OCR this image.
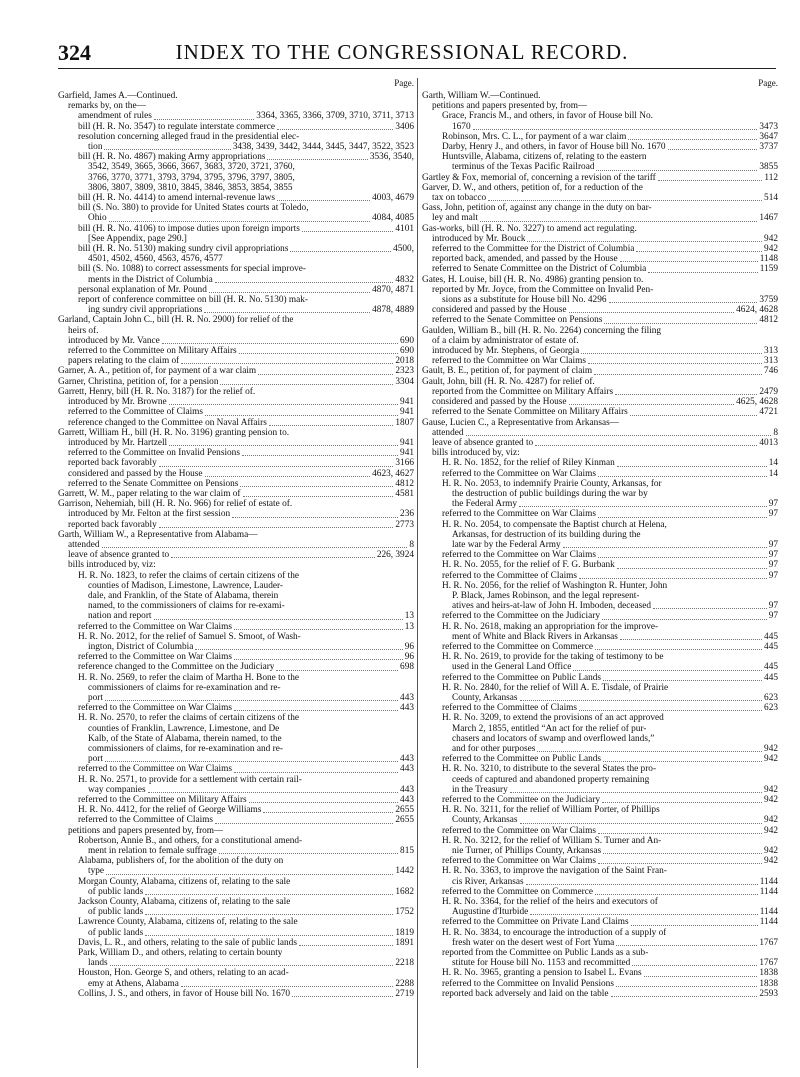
324	INDEX TO THE CONGRESSIONAL RECORD.
Page.
Garfield, James A.—Continued.
remarks by, on the—
amendment of rules	3364, 3365, 3366, 3709, 3710, 3711, 3713
bill (H. R. No. 3547) to regulate interstate commerce	3406
resolution concerning alleged fraud in the presidential elec-
tion	3438, 3439, 3442, 3444, 3445, 3447, 3522, 3523
bill (H. R. No. 4867) making Army appropriations	3536, 3540,
3542, 3549, 3665, 3666, 3667, 3683, 3720, 3721, 3760,
3766, 3770, 3771, 3793, 3794, 3795, 3796, 3797, 3805,
3806, 3807, 3809, 3810, 3845, 3846, 3853, 3854, 3855
bill (H. R. No. 4414) to amend internal-revenue laws	4003, 4679
bill (S. No. 380) to provide for United States courts at Toledo,
Ohio	4084, 4085
bill (H. R. No. 4106) to impose duties upon foreign imports	4101
[See Appendix, page 290.]
bill (H. R. No. 5130) making sundry civil appropriations	4500,
4501, 4502, 4560, 4563, 4576, 4577
bill (S. No. 1088) to correct assessments for special improve-
ments in the District of Columbia	4832
personal explanation of Mr. Pound	4870, 4871
report of conference committee on bill (H. R. No. 5130) mak-
ing sundry civil appropriations	4878, 4889
Garland, Captain John C., bill (H. R. No. 2900) for relief of the
heirs of.
introduced by Mr. Vance	690
referred to the Committee on Military Affairs	690
papers relating to the claim of	2018
Garner, A. A., petition of, for payment of a war claim	2323
Garner, Christina, petition of, for a pension	3304
Garrett, Henry, bill (H. R. No. 3187) for the relief of.
introduced by Mr. Browne	941
referred to the Committee of Claims	941
reference changed to the Committee on Naval Affairs	1807
Garrett, William H., bill (H. R. No. 3196) granting pension to.
introduced by Mr. Hartzell	941
referred to the Committee on Invalid Pensions	941
reported back favorably	3166
considered and passed by the House	4623, 4627
referred to the Senate Committee on Pensions	4812
Garrett, W. M., paper relating to the war claim of	4581
Garrison, Nehemiah, bill (H. R. No. 966) for relief of estate of.
introduced by Mr. Felton at the first session	236
reported back favorably	2773
Garth, William W., a Representative from Alabama—
attended	8
leave of absence granted to	226, 3924
bills introduced by, viz:
H. R. No. 1823, to refer the claims of certain citizens of the
counties of Madison, Limestone, Lawrence, Lauder-
dale, and Franklin, of the State of Alabama, therein
named, to the commissioners of claims for re-exami-
nation and report	13
referred to the Committee on War Claims	13
H. R. No. 2012, for the relief of Samuel S. Smoot, of Wash-
ington, District of Columbia	96
referred to the Committee on War Claims	96
reference changed to the Committee on the Judiciary	698
H. R. No. 2569, to refer the claim of Martha H. Bone to the
commissioners of claims for re-examination and re-
port	443
referred to the Committee on War Claims	443
H. R. No. 2570, to refer the claims of certain citizens of the
counties of Franklin, Lawrence, Limestone, and De
Kalb, of the State of Alabama, therein named, to the
commissioners of claims, for re-examination and re-
port	443
referred to the Committee on War Claims	443
H. R. No. 2571, to provide for a settlement with certain rail-
way companies	443
referred to the Committee on Military Affairs	443
H. R. No. 4412, for the relief of George Williams	2655
referred to the Committee of Claims	2655
petitions and papers presented by, from—
Robertson, Annie B., and others, for a constitutional amend-
ment in relation to female suffrage	815
Alabama, publishers of, for the abolition of the duty on
type	1442
Morgan County, Alabama, citizens of, relating to the sale
of public lands	1682
Jackson County, Alabama, citizens of, relating to the sale
of public lands	1752
Lawrence County, Alabama, citizens of, relating to the sale
of public lands	1819
Davis, L. R., and others, relating to the sale of public lands	1891
Park, William D., and others, relating to certain bounty
lands	2218
Houston, Hon. George S, and others, relating to an acad-
emy at Athens, Alabama	2288
Collins, J. S., and others, in favor of House bill No. 1670	2719
Page.
Garth, William W.—Continued.
petitions and papers presented by, from—
Grace, Francis M., and others, in favor of House bill No.
1670	3473
Robinson, Mrs. C. L., for payment of a war claim	3647
Darby, Henry J., and others, in favor of House bill No. 1670	3737
Huntsville, Alabama, citizens of, relating to the eastern
terminus of the Texas Pacific Railroad	3855
Gartley & Fox, memorial of, concerning a revision of the tariff	112
Garver, D. W., and others, petition of, for a reduction of the
tax on tobacco	514
Gass, John, petition of, against any change in the duty on bar-
ley and malt	1467
Gas-works, bill (H. R. No. 3227) to amend act regulating.
introduced by Mr. Bouck	942
referred to the Committee for the District of Columbia	942
reported back, amended, and passed by the House	1148
referred to Senate Committee on the District of Columbia	1159
Gates, H. Louise, bill (H. R. No. 4986) granting pension to.
reported by Mr. Joyce, from the Committee on Invalid Pen-
sions as a substitute for House bill No. 4296	3759
considered and passed by the House	4624, 4628
referred to the Senate Committee on Pensions	4812
Gaulden, William B., bill (H. R. No. 2264) concerning the filing
of a claim by administrator of estate of.
introduced by Mr. Stephens, of Georgia	313
referred to the Committee on War Claims	313
Gault, B. E., petition of, for payment of claim	746
Gault, John, bill (H. R. No. 4287) for relief of.
reported from the Committee on Military Affairs	2479
considered and passed by the House	4625, 4628
referred to the Senate Committee on Military Affairs	4721
Gause, Lucien C., a Representative from Arkansas—
attended	8
leave of absence granted to	4013
bills introduced by, viz:
H. R. No. 1852, for the relief of Riley Kinman	14
referred to the Committee on War Claims	14
H. R. No. 2053, to indemnify Prairie County, Arkansas, for
the destruction of public buildings during the war by
the Federal Army	97
referred to the Committee on War Claims	97
H. R. No. 2054, to compensate the Baptist church at Helena,
Arkansas, for destruction of its building during the
late war by the Federal Army	97
referred to the Committee on War Claims	97
H. R. No. 2055, for the relief of F. G. Burbank	97
referred to the Committee of Claims	97
H. R. No. 2056, for the relief of Washington R. Hunter, John
P. Black, James Robinson, and the legal represent-
atives and heirs-at-law of John H. Imboden, deceased	97
referred to the Committee on the Judiciary	97
H. R. No. 2618, making an appropriation for the improve-
ment of White and Black Rivers in Arkansas	445
referred to the Committee on Commerce	445
H. R. No. 2619, to provide for the taking of testimony to be
used in the General Land Office	445
referred to the Committee on Public Lands	445
H. R. No. 2840, for the relief of Will A. E. Tisdale, of Prairie
County, Arkansas	623
referred to the Committee of Claims	623
H. R. No. 3209, to extend the provisions of an act approved
March 2, 1855, entitled “An act for the relief of pur-
chasers and locators of swamp and overflowed lands,”
and for other purposes	942
referred to the Committee on Public Lands	942
H. R. No. 3210, to distribute to the several States the pro-
ceeds of captured and abandoned property remaining
in the Treasury	942
referred to the Committee on the Judiciary	942
H. R. No. 3211, for the relief of William Porter, of Phillips
County, Arkansas	942
referred to the Committee on War Claims	942
H. R. No. 3212, for the relief of William S. Turner and An-
nie Turner, of Phillips County, Arkansas	942
referred to the Committee on War Claims	942
H. R. No. 3363, to improve the navigation of the Saint Fran-
cis River, Arkansas	1144
referred to the Committee on Commerce	1144
H. R. No. 3364, for the relief of the heirs and executors of
Augustine d'Iturbide	1144
referred to the Committee on Private Land Claims	1144
H. R. No. 3834, to encourage the introduction of a supply of
fresh water on the desert west of Fort Yuma	1767
reported from the Committee on Public Lands as a sub-
stitute for House bill No. 1153 and recommitted	1767
H. R. No. 3965, granting a pension to Isabel L. Evans	1838
referred to the Committee on Invalid Pensions	1838
reported back adversely and laid on the table	2593
